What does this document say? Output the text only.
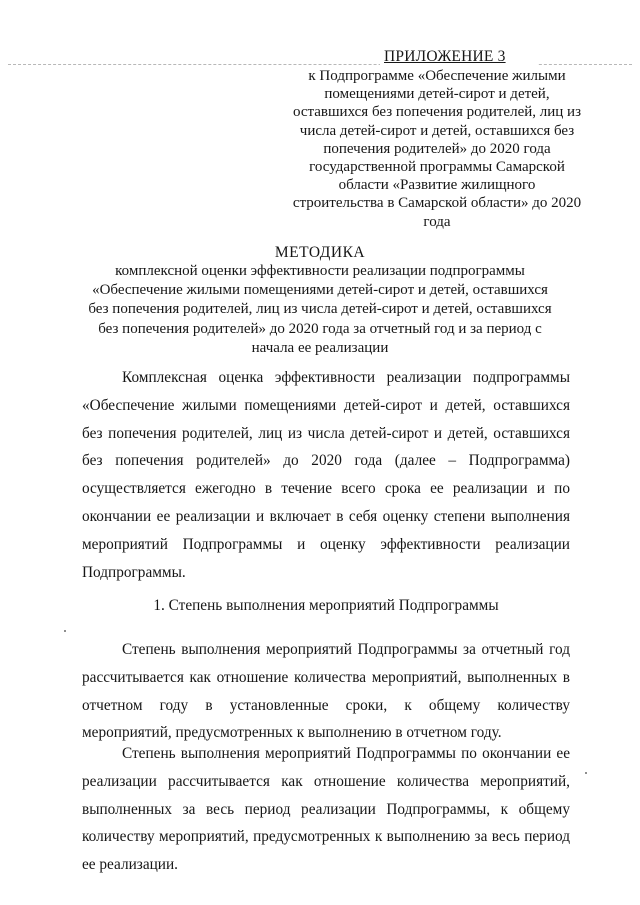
ПРИЛОЖЕНИЕ 3
к Подпрограмме «Обеспечение жилыми помещениями детей-сирот и детей, оставшихся без попечения родителей, лиц из числа детей-сирот и детей, оставшихся без попечения родителей» до 2020 года государственной программы Самарской области «Развитие жилищного строительства в Самарской области» до 2020 года
МЕТОДИКА
комплексной оценки эффективности реализации подпрограммы «Обеспечение жилыми помещениями детей-сирот и детей, оставшихся без попечения родителей, лиц из числа детей-сирот и детей, оставшихся без попечения родителей» до 2020 года за отчетный год и за период с начала ее реализации
Комплексная оценка эффективности реализации подпрограммы «Обеспечение жилыми помещениями детей-сирот и детей, оставшихся без попечения родителей, лиц из числа детей-сирот и детей, оставшихся без попечения родителей» до 2020 года (далее – Подпрограмма) осуществляется ежегодно в течение всего срока ее реализации и по окончании ее реализации и включает в себя оценку степени выполнения мероприятий Подпрограммы и оценку эффективности реализации Подпрограммы.
1. Степень выполнения мероприятий Подпрограммы
Степень выполнения мероприятий Подпрограммы за отчетный год рассчитывается как отношение количества мероприятий, выполненных в отчетном году в установленные сроки, к общему количеству мероприятий, предусмотренных к выполнению в отчетном году.
Степень выполнения мероприятий Подпрограммы по окончании ее реализации рассчитывается как отношение количества мероприятий, выполненных за весь период реализации Подпрограммы, к общему количеству мероприятий, предусмотренных к выполнению за весь период ее реализации.
